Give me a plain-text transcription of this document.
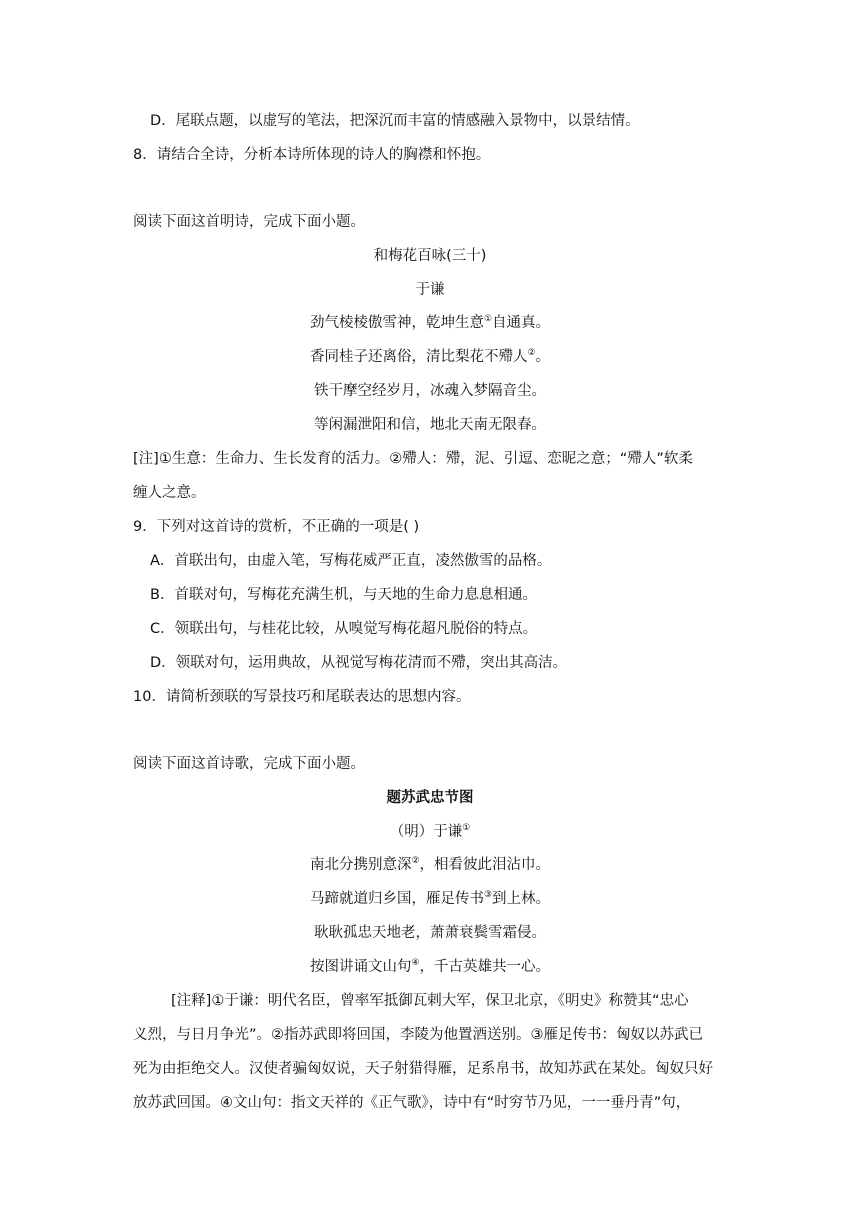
D．尾联点题，以虚写的笔法，把深沉而丰富的情感融入景物中，以景结情。
8．请结合全诗，分析本诗所体现的诗人的胸襟和怀抱。
阅读下面这首明诗，完成下面小题。
和梅花百咏(三十)
于谦
劲气棱棱傲雪神，乾坤生意①自通真。
香同桂子还离俗，清比梨花不殢人②。
铁干摩空经岁月，冰魂入梦隔音尘。
等闲漏泄阳和信，地北天南无限春。
[注]①生意：生命力、生长发育的活力。②殢人：殢，泥、引逗、恋昵之意；“殢人”软柔
缠人之意。
9．下列对这首诗的赏析，不正确的一项是( )
A．首联出句，由虚入笔，写梅花威严正直，凌然傲雪的品格。
B．首联对句，写梅花充满生机，与天地的生命力息息相通。
C．领联出句，与桂花比较，从嗅觉写梅花超凡脱俗的特点。
D．领联对句，运用典故，从视觉写梅花清而不殢，突出其高洁。
10．请简析颈联的写景技巧和尾联表达的思想内容。
阅读下面这首诗歌，完成下面小题。
题苏武忠节图
（明）于谦①
南北分携别意深②，相看彼此泪沾巾。
马蹄就道归乡国，雁足传书③到上林。
耿耿孤忠天地老，萧萧衰鬓雪霜侵。
按图讲诵文山句④，千古英雄共一心。
[注释]①于谦：明代名臣，曾率军抵御瓦剌大军，保卫北京，《明史》称赞其“忠心
义烈，与日月争光”。②指苏武即将回国，李陵为他置酒送别。③雁足传书：匈奴以苏武已
死为由拒绝交人。汉使者骗匈奴说，天子射猎得雁，足系帛书，故知苏武在某处。匈奴只好
放苏武回国。④文山句：指文天祥的《正气歌》，诗中有“时穷节乃见，一一垂丹青”句，
